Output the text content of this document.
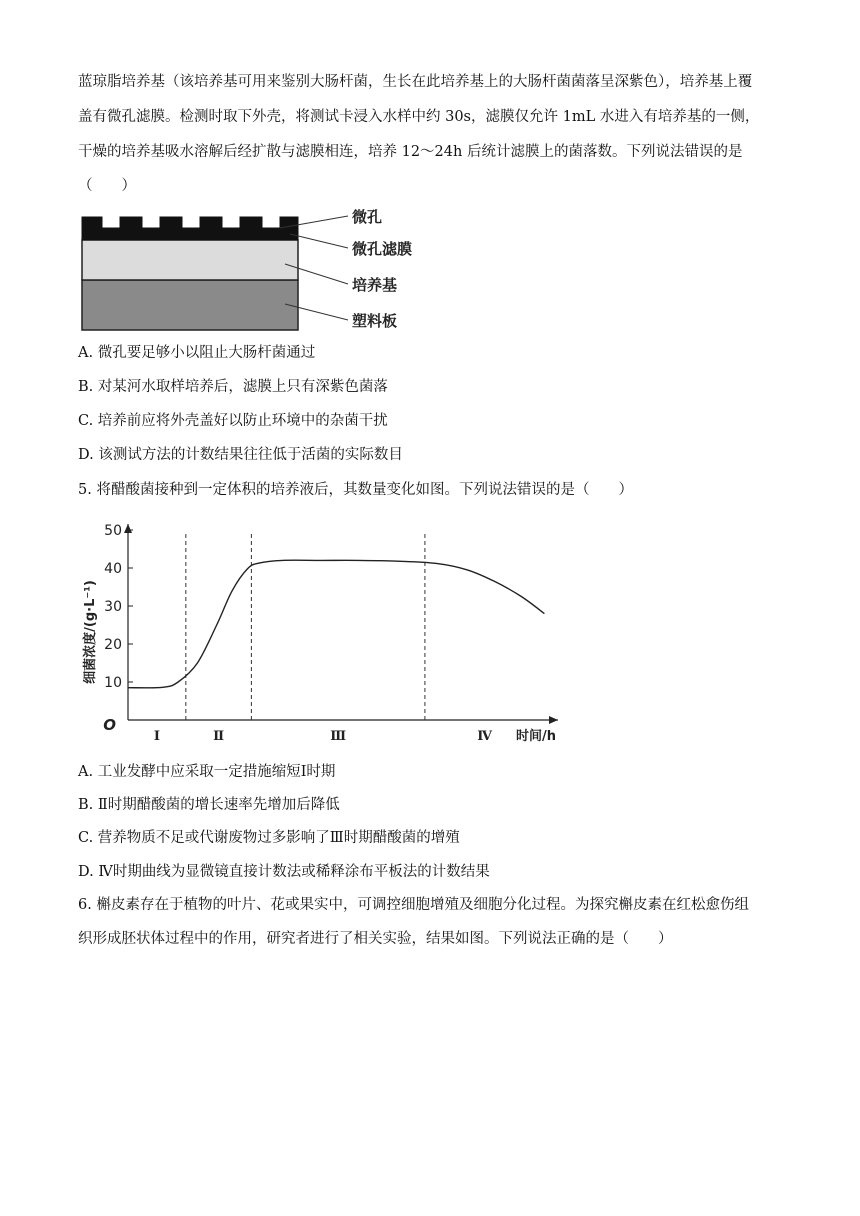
蓝琼脂培养基（该培养基可用来鉴别大肠杆菌，生长在此培养基上的大肠杆菌菌落呈深紫色），培养基上覆
盖有微孔滤膜。检测时取下外壳，将测试卡浸入水样中约 30s，滤膜仅允许 1mL 水进入有培养基的一侧，
干燥的培养基吸水溶解后经扩散与滤膜相连，培养 12～24h 后统计滤膜上的菌落数。下列说法错误的是
（　　）
微孔
微孔滤膜
培养基
塑料板
A. 微孔要足够小以阻止大肠杆菌通过
B. 对某河水取样培养后，滤膜上只有深紫色菌落
C. 培养前应将外壳盖好以防止环境中的杂菌干扰
D. 该测试方法的计数结果往往低于活菌的实际数目
5. 将醋酸菌接种到一定体积的培养液后，其数量变化如图。下列说法错误的是（　　）
10
20
30
40
50
O
Ⅰ	Ⅱ	Ⅲ	Ⅳ 时间/h
细菌浓度/(g·L⁻¹)
A. 工业发酵中应采取一定措施缩短Ⅰ时期
B. Ⅱ时期醋酸菌的增长速率先增加后降低
C. 营养物质不足或代谢废物过多影响了Ⅲ时期醋酸菌的增殖
D. Ⅳ时期曲线为显微镜直接计数法或稀释涂布平板法的计数结果
6. 槲皮素存在于植物的叶片、花或果实中，可调控细胞增殖及细胞分化过程。为探究槲皮素在红松愈伤组
织形成胚状体过程中的作用，研究者进行了相关实验，结果如图。下列说法正确的是（　　）
